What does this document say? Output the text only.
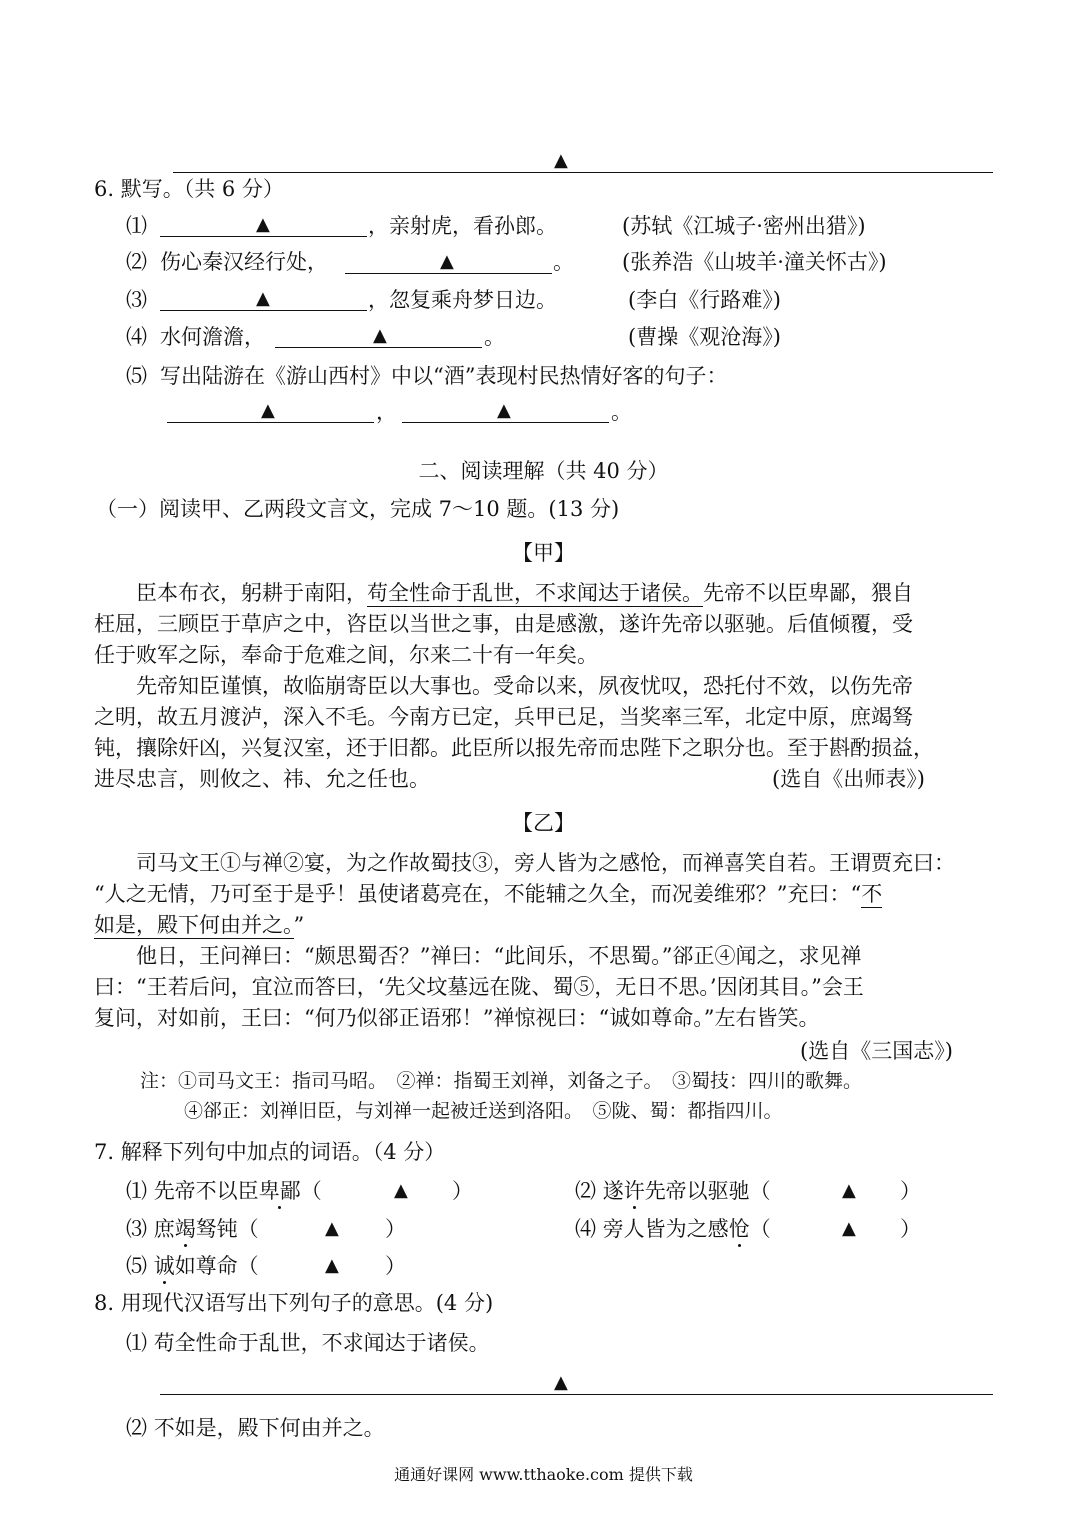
▲
6. 默写。（共 6 分）
⑴	▲	，亲射虎，看孙郎。	(苏轼《江城子·密州出猎》)
⑵ 伤心秦汉经行处，	▲	。 (张养浩《山坡羊·潼关怀古》)
⑶	▲	，忽复乘舟梦日边。	(李白《行路难》)
⑷ 水何澹澹，	▲	。	(曹操《观沧海》)
⑸ 写出陆游在《游山西村》中以“酒”表现村民热情好客的句子：
▲	，	▲	。
二、阅读理解（共 40 分）
（一）阅读甲、乙两段文言文，完成 7～10 题。(13 分)
【甲】
臣本布衣，躬耕于南阳，苟全性命于乱世，不求闻达于诸侯。先帝不以臣卑鄙，猥自
枉屈，三顾臣于草庐之中，咨臣以当世之事，由是感激，遂许先帝以驱驰。后值倾覆，受
任于败军之际，奉命于危难之间，尔来二十有一年矣。
先帝知臣谨慎，故临崩寄臣以大事也。受命以来，夙夜忧叹，恐托付不效，以伤先帝
之明，故五月渡泸，深入不毛。今南方已定，兵甲已足，当奖率三军，北定中原，庶竭驽
钝，攘除奸凶，兴复汉室，还于旧都。此臣所以报先帝而忠陛下之职分也。至于斟酌损益，
进尽忠言，则攸之、祎、允之任也。	(选自《出师表》)
【乙】
司马文王①与禅②宴，为之作故蜀技③，旁人皆为之感怆，而禅喜笑自若。王谓贾充曰：
“人之无情，乃可至于是乎！虽使诸葛亮在，不能辅之久全，而况姜维邪？”充曰：“不
如是，殿下何由并之。”
他日，王问禅曰：“颇思蜀否？”禅曰：“此间乐，不思蜀。”郤正④闻之，求见禅
曰：“王若后问，宜泣而答曰，‘先父坟墓远在陇、蜀⑤，无日不思。’因闭其目。”会王
复问，对如前，王曰：“何乃似郤正语邪！”禅惊视曰：“诚如尊命。”左右皆笑。
(选自《三国志》)
注：①司马文王：指司马昭。　②禅：指蜀王刘禅，刘备之子。　③蜀技：四川的歌舞。
④郤正：刘禅旧臣，与刘禅一起被迁送到洛阳。　⑤陇、蜀：都指四川。
7. 解释下列句中加点的词语。（4 分）
⑴ 先帝不以臣卑鄙（	▲ ）	⑵ 遂许先帝以驱驰（	▲ ）
⑶ 庶竭驽钝（	▲ ）	⑷ 旁人皆为之感怆（	▲ ）
⑸ 诚如尊命（	▲ ）
8. 用现代汉语写出下列句子的意思。(4 分)
⑴ 苟全性命于乱世，不求闻达于诸侯。
▲
⑵ 不如是，殿下何由并之。
通通好课网 www.tthaoke.com 提供下载
